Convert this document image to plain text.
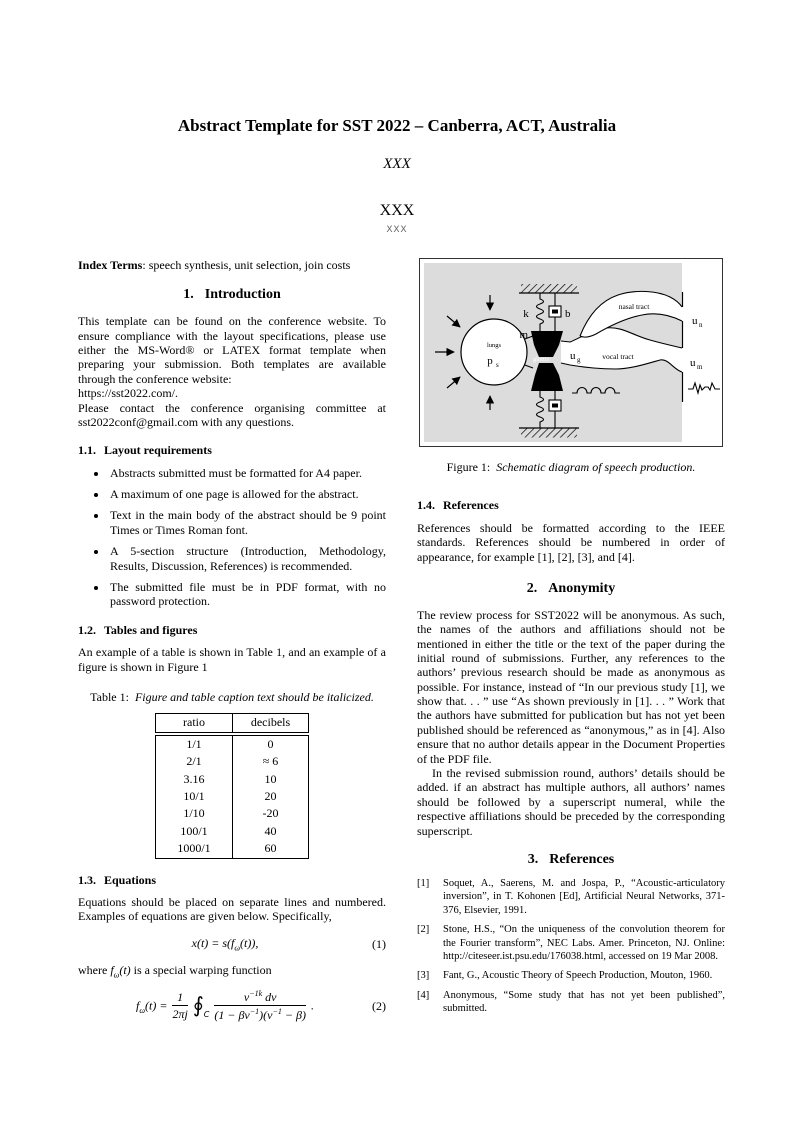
Abstract Template for SST 2022 – Canberra, ACT, Australia
XXX
XXX
XXX

Index Terms: speech synthesis, unit selection, join costs

1. Introduction

This template can be found on the conference website. To ensure compliance with the layout specifications, please use either the MS-Word® or LATEX format template when preparing your submission. Both templates are available through the conference website:

https://sst2022.com/.

Please contact the conference organising committee at sst2022conf@gmail.com with any questions.

1.1. Layout requirements
• Abstracts submitted must be formatted for A4 paper.
• A maximum of one page is allowed for the abstract.
• Text in the main body of the abstract should be 9 point Times or Times Roman font.
• A 5-section structure (Introduction, Methodology, Results, Discussion, References) is recommended.
• The submitted file must be in PDF format, with no password protection.
1.2. Tables and figures

An example of a table is shown in Table 1, and an example of a figure is shown in Figure 1

Table 1: Figure and table caption text should be italicized.
ratio	decibels
1/1	0
2/1	≈ 6
3.16	10
10/1	20
1/10	-20
100/1	40
1000/1	60
1.3. Equations

Equations should be placed on separate lines and numbered. Examples of equations are given below. Specifically,

$x(t) = s(f_\omega(t))$,	(1)

where $f_\omega(t)$ is a special warping function

$f_\omega(t) = \frac{1}{2\pi j}$ $∮_C \frac{\nu^{-1k} d\nu}{(1 - \beta\nu^{-1})(\nu^{-1} - \beta)}$ .	(2)
lungs
p s
k	b
m
glottis u g	vocal tract
nasal tract
u n
u m
Figure 1: Schematic diagram of speech production.
1.4. References

References should be formatted according to the IEEE standards. References should be numbered in order of appearance, for example [1], [2], [3], and [4].

2. Anonymity

The review process for SST2022 will be anonymous. As such, the names of the authors and affiliations should not be mentioned in either the title or the text of the paper during the initial round of submissions. Further, any references to the authors’ previous research should be made as anonymous as possible. For instance, instead of “In our previous study [1], we show that. . . ” use “As shown previously in [1]. . . ” Work that the authors have submitted for publication but has not yet been published should be referenced as “anonymous,” as in [4]. Also ensure that no author details appear in the Document Properties of the PDF file.

In the revised submission round, authors’ details should be added. if an abstract has multiple authors, all authors’ names should be followed by a superscript numeral, while the respective affiliations should be preceded by the corresponding superscript.

3. References
[1]	Soquet, A., Saerens, M. and Jospa, P., “Acoustic-articulatory inversion”, in T. Kohonen [Ed], Artificial Neural Networks, 371-376, Elsevier, 1991.
[2]	Stone, H.S., “On the uniqueness of the convolution theorem for the Fourier transform”, NEC Labs. Amer. Princeton, NJ. Online: http://citeseer.ist.psu.edu/176038.html, accessed on 19 Mar 2008.
[3]	Fant, G., Acoustic Theory of Speech Production, Mouton, 1960.
[4]	Anonymous, “Some study that has not yet been published”, submitted.
